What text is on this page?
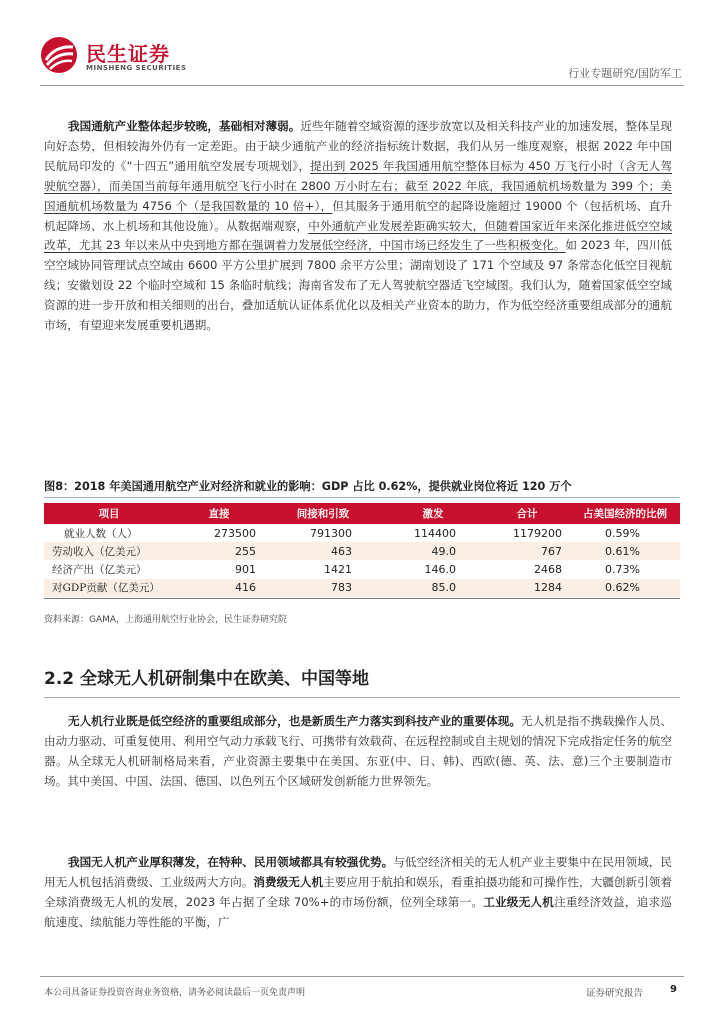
民生证券
MINSHENG SECURITIES	行业专题研究/国防军工
我国通航产业整体起步较晚，基础相对薄弱。近些年随着空域资源的逐步放宽以及相关科技产业的加速发展，整体呈现向好态势，但相较海外仍有一定差距。由于缺少通航产业的经济指标统计数据，我们从另一维度观察，根据 2022 年中国民航局印发的《“十四五”通用航空发展专项规划》，提出到 2025 年我国通用航空整体目标为 450 万飞行小时（含无人驾驶航空器），而美国当前每年通用航空飞行小时在 2800 万小时左右；截至 2022 年底，我国通航机场数量为 399 个；美国通航机场数量为 4756 个（是我国数量的 10 倍+），但其服务于通用航空的起降设施超过 19000 个（包括机场、直升机起降场、水上机场和其他设施）。从数据端观察，中外通航产业发展差距确实较大，但随着国家近年来深化推进低空空域改革，尤其 23 年以来从中央到地方都在强调着力发展低空经济，中国市场已经发生了一些积极变化。如 2023 年，四川低空空域协同管理试点空域由 6600 平方公里扩展到 7800 余平方公里；湖南划设了 171 个空域及 97 条常态化低空目视航线；安徽划设 22 个临时空域和 15 条临时航线；海南省发布了无人驾驶航空器适飞空域图。我们认为，随着国家低空空域资源的进一步开放和相关细则的出台，叠加适航认证体系优化以及相关产业资本的助力，作为低空经济重要组成部分的通航市场，有望迎来发展重要机遇期。
图8：2018 年美国通用航空产业对经济和就业的影响：GDP 占比 0.62%，提供就业岗位将近 120 万个
项目	直接	间接和引致	激发	合计	占美国经济的比例
就业人数（人）	273500	791300	114400	1179200	0.59%
劳动收入（亿美元）	255	463	49.0	767	0.61%
经济产出（亿美元）	901	1421	146.0	2468	0.73%
对GDP贡献（亿美元）	416	783	85.0	1284	0.62%
资料来源：GAMA，上海通用航空行业协会，民生证券研究院
2.2 全球无人机研制集中在欧美、中国等地
无人机行业既是低空经济的重要组成部分，也是新质生产力落实到科技产业的重要体现。无人机是指不携载操作人员、由动力驱动、可重复使用、利用空气动力承载飞行、可携带有效载荷、在远程控制或自主规划的情况下完成指定任务的航空器。从全球无人机研制格局来看，产业资源主要集中在美国、东亚(中、日、韩)、西欧(德、英、法、意)三个主要制造市场。其中美国、中国、法国、德国、以色列五个区域研发创新能力世界领先。
我国无人机产业厚积薄发，在特种、民用领域都具有较强优势。与低空经济相关的无人机产业主要集中在民用领域，民用无人机包括消费级、工业级两大方向。消费级无人机主要应用于航拍和娱乐，看重拍摄功能和可操作性，大疆创新引领着全球消费级无人机的发展，2023 年占据了全球 70%+的市场份额，位列全球第一。工业级无人机注重经济效益，追求巡航速度、续航能力等性能的平衡，广
本公司具备证券投资咨询业务资格，请务必阅读最后一页免责声明	证券研究报告	9
